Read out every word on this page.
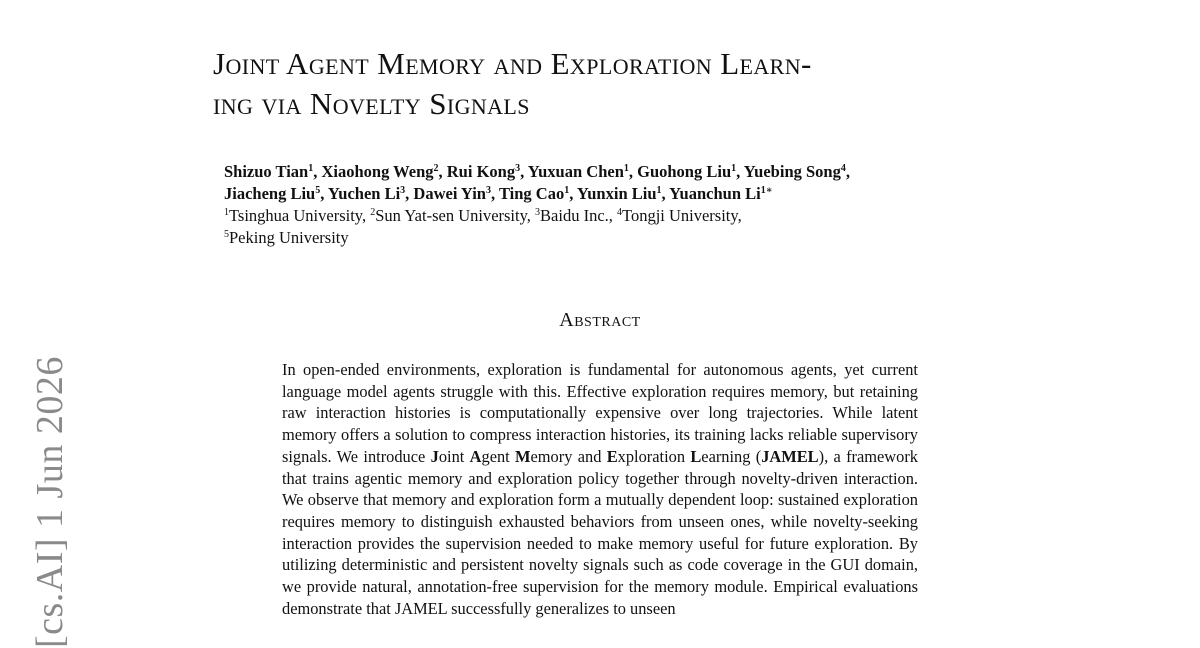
Joint Agent Memory and Exploration Learn-
ing via Novelty Signals
Shizuo Tian$^1$, Xiaohong Weng$^2$, Rui Kong$^3$, Yuxuan Chen$^1$, Guohong Liu$^1$, Yuebing Song$^4$,
Jiacheng Liu$^5$, Yuchen Li$^3$, Dawei Yin$^3$, Ting Cao$^1$, Yunxin Liu$^1$, Yuanchun $Li^{1∗}$
$^1$Tsinghua University, $^2$Sun Yat-sen University, $^3$Baidu Inc., $^4$Tongji University,
$^5$Peking University
Abstract
In open-ended environments, exploration is fundamental for autonomous agents, yet current language model agents struggle with this. Effective exploration requires memory, but retaining raw interaction histories is computationally expensive over long trajectories. While latent memory offers a solution to compress interaction histories, its training lacks reliable supervisory signals. We introduce Joint Agent Memory and Exploration Learning (JAMEL), a framework that trains agentic memory and exploration policy together through novelty-driven interaction. We observe that memory and exploration form a mutually dependent loop: sustained exploration requires memory to distinguish exhausted behaviors from unseen ones, while novelty-seeking interaction provides the supervision needed to make memory useful for future exploration. By utilizing deterministic and persistent novelty signals such as code coverage in the GUI domain, we provide natural, annotation-free supervision for the memory module. Empirical evaluations demonstrate that JAMEL successfully generalizes to unseen
[cs.AI] 1 Jun 2026
